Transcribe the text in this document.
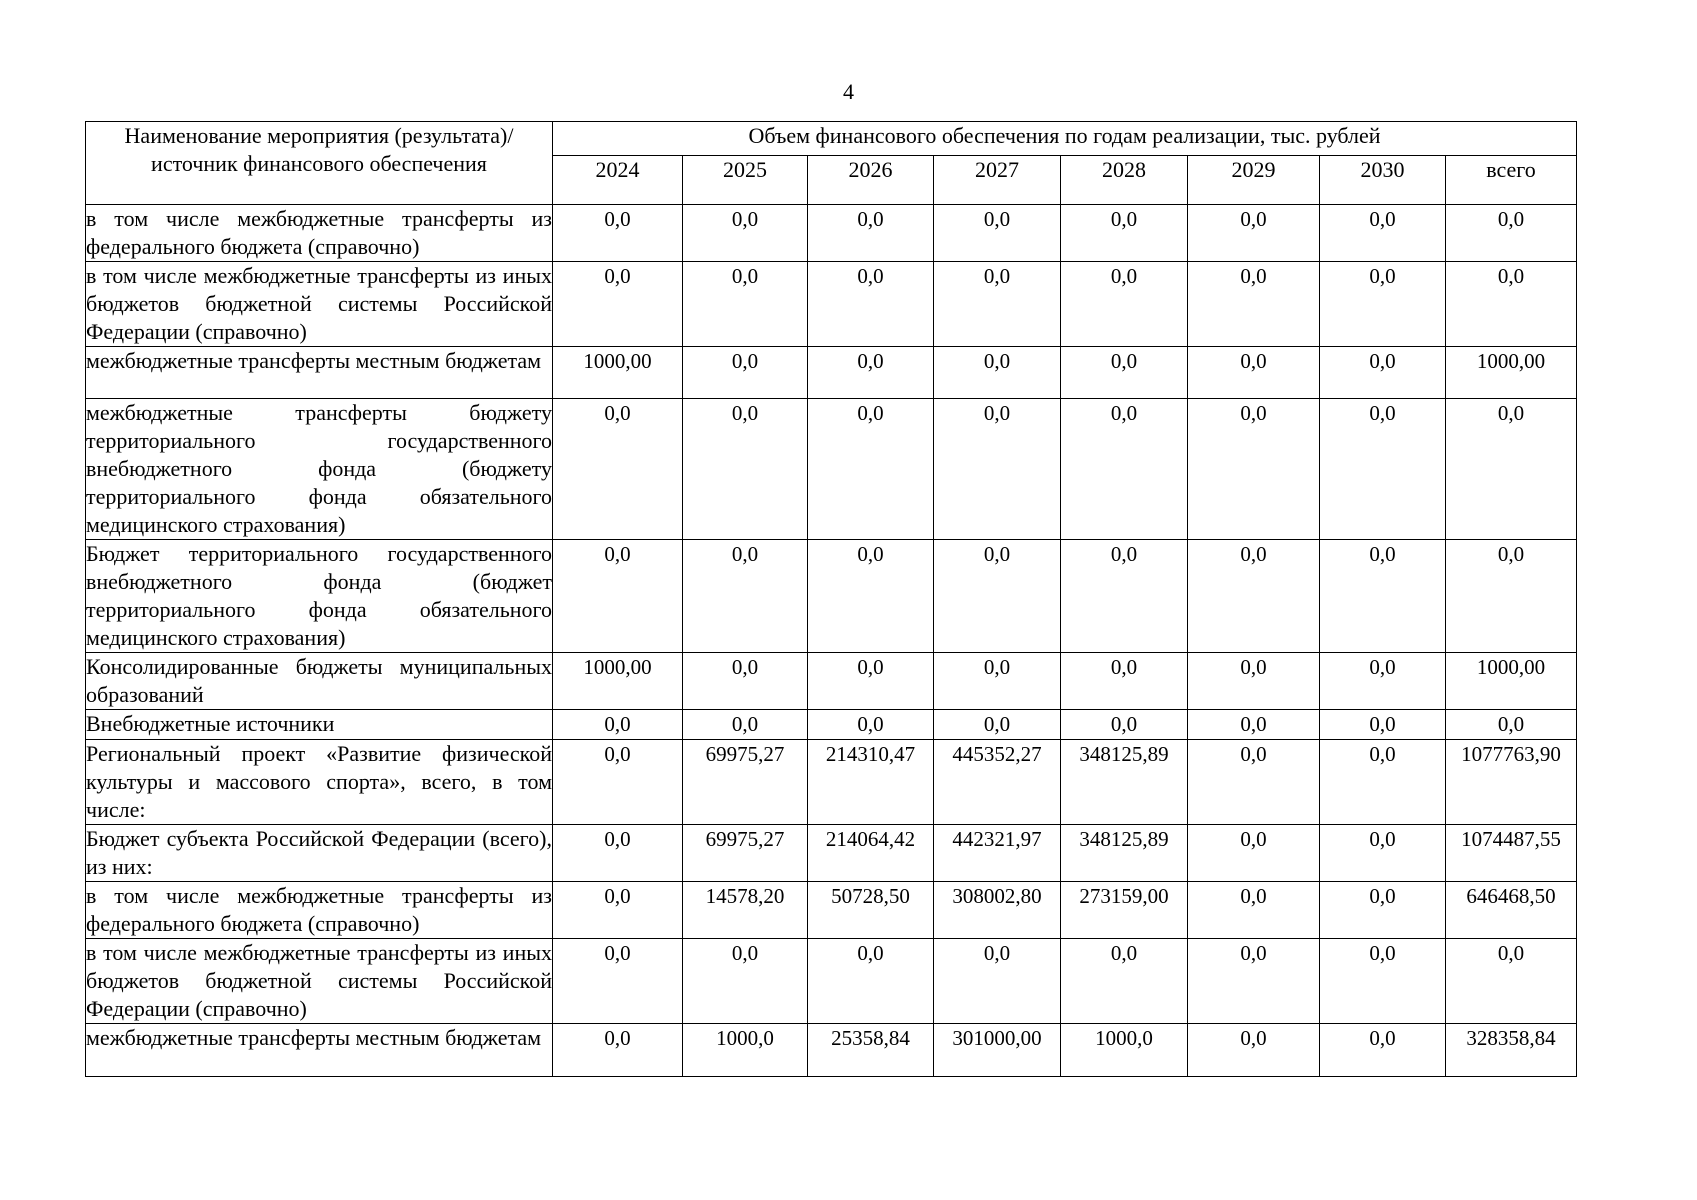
4
Наименование мероприятия (результата)/источник финансового обеспечения	Объем финансового обеспечения по годам реализации, тыс. рублей							
	2024	2025	2026	2027	2028	2029	2030	всего
в том числе межбюджетные трансферты из федерального бюджета (справочно)	0,0	0,0	0,0	0,0	0,0	0,0	0,0	0,0
в том числе межбюджетные трансферты из иных бюджетов бюджетной системы Российской Федерации (справочно)	0,0	0,0	0,0	0,0	0,0	0,0	0,0	0,0
межбюджетные трансферты местным бюджетам	1000,00	0,0	0,0	0,0	0,0	0,0	0,0	1000,00
межбюджетные трансферты бюджету территориального государственного внебюджетного фонда (бюджету территориального фонда обязательного медицинского страхования)	0,0	0,0	0,0	0,0	0,0	0,0	0,0	0,0
Бюджет территориального государственного внебюджетного фонда (бюджет территориального фонда обязательного медицинского страхования)	0,0	0,0	0,0	0,0	0,0	0,0	0,0	0,0
Консолидированные бюджеты муниципальных образований	1000,00	0,0	0,0	0,0	0,0	0,0	0,0	1000,00
Внебюджетные источники	0,0	0,0	0,0	0,0	0,0	0,0	0,0	0,0
Региональный проект «Развитие физической культуры и массового спорта», всего, в том числе:	0,0	69975,27	214310,47	445352,27	348125,89	0,0	0,0	1077763,90
Бюджет субъекта Российской Федерации (всего), из них:	0,0	69975,27	214064,42	442321,97	348125,89	0,0	0,0	1074487,55
в том числе межбюджетные трансферты из федерального бюджета (справочно)	0,0	14578,20	50728,50	308002,80	273159,00	0,0	0,0	646468,50
в том числе межбюджетные трансферты из иных бюджетов бюджетной системы Российской Федерации (справочно)	0,0	0,0	0,0	0,0	0,0	0,0	0,0	0,0
межбюджетные трансферты местным бюджетам	0,0	1000,0	25358,84	301000,00	1000,0	0,0	0,0	328358,84
